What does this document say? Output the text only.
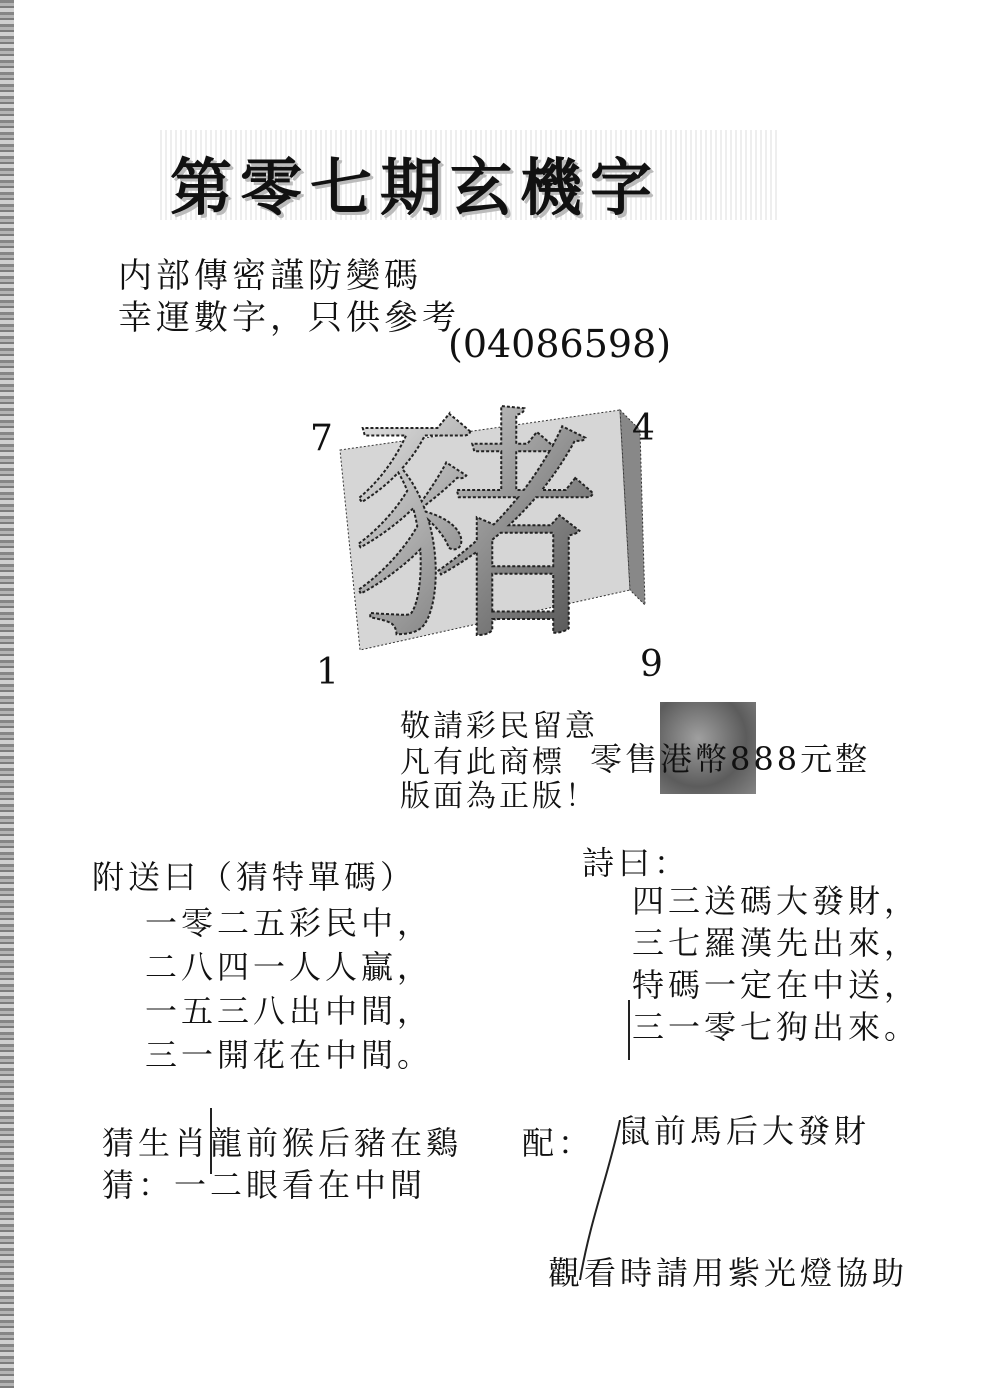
第零七期玄機字
内部傳密謹防變碼
幸運數字，只供參考
(04086598)
豬
7	4
1	9
敬請彩民留意
凡有此商標 零售港幣888元整
版面為正版！
附送曰（猜特單碼）
一零二五彩民中，
二八四一人人贏，
一五三八出中間，
三一開花在中間。
詩曰：
四三送碼大發財，
三七羅漢先出來，
特碼一定在中送，
三一零七狗出來。
猜生肖龍前猴后豬在鷄 配： 鼠前馬后大發財
猜：一二眼看在中間
觀看時請用紫光燈協助
